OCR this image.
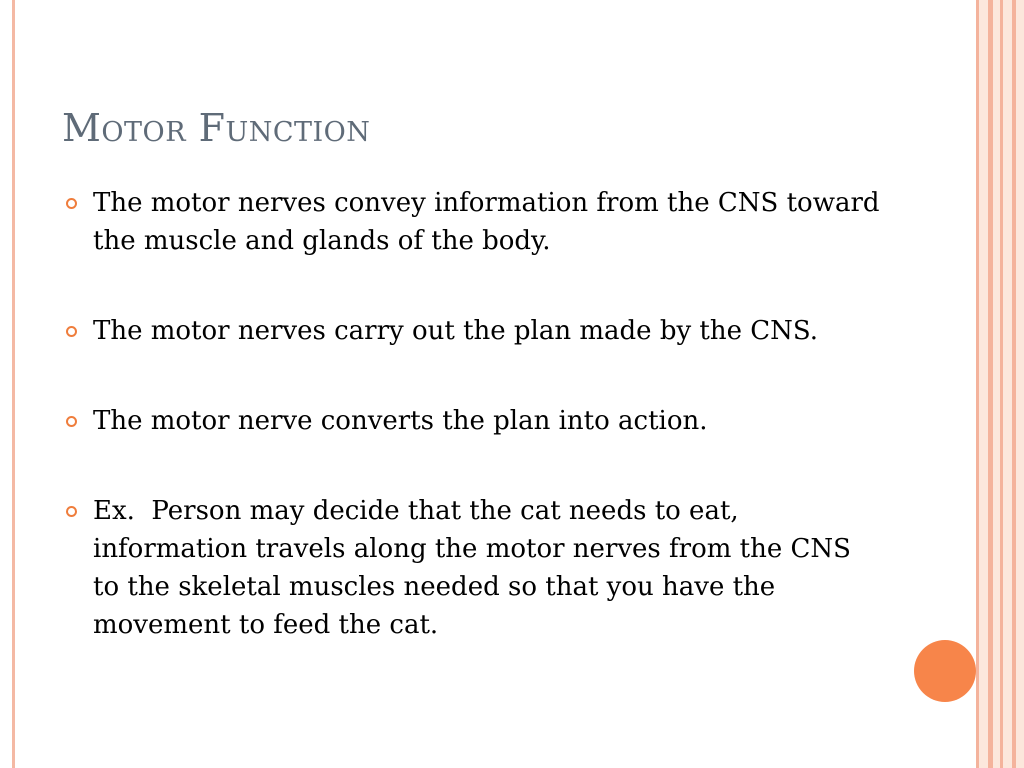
Motor Function
The motor nerves convey information from the CNS toward the muscle and glands of the body.
The motor nerves carry out the plan made by the CNS.
The motor nerve converts the plan into action.
Ex.  Person may decide that the cat needs to eat, information travels along the motor nerves from the CNS to the skeletal muscles needed so that you have the movement to feed the cat.
